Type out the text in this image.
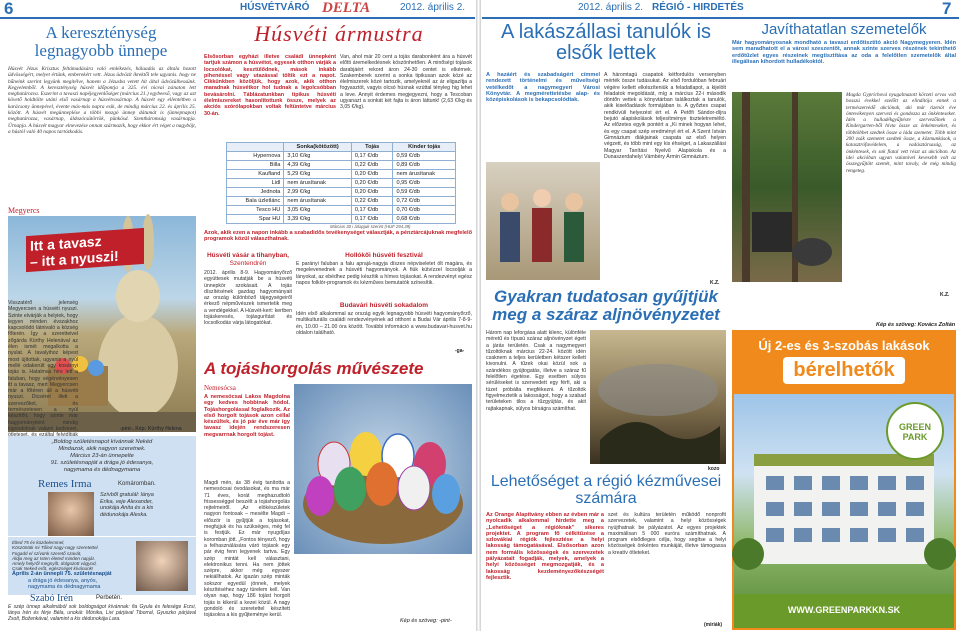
6	HÚSVÉTVÁRÓ DELTA	2012. április 2.
A kereszténység legnagyobb ünnepe
Húsvét Jézus Krisztus feltámadására való emlékezés, hálaadás az általa hozott üdvösségért, melyet értünk, emberekért vett. Jézus üdvözít ikrektől tele ugyanis. hogy ne bűneink szerint legyünk megítélve, hanem a Jézusba vetett hit által üdvözülhessünk. Kegyelemből. A kereszténység húsvét időpontja a 325. évi niceai zsinaton lett meghatározva. Eszerint a tavaszi napéjegyenlőséget (március 21.) egybeeső, vagy az azt követő holdtölte utáni első vasárnap a húsvétvasárnap. A húsvét egy ellentétben a karácsony ünnepével, évente más-más napra esik, de mindig március 22. és április 25. között. A húsvét megünneplése a többi mozgó ünnep dátumát is (ünnepnapot) meghatározza, vasárnap, áldozócsütörtök, pünkösd. Szentháromság vasárnapja. Úrnapja. A húsvét magyar elnevezése onnan származik, hogy ekkor ért véget a nagyböjt, a hústól való 40 napos tartózkodás.
Megyercs
Itt a tavasz
– itt a nyuszi!
Visszatérő jelenség Megyercsen a húsvéti nyuszi. Szinte elvárják a helyiek, hogy legyen minden évszakhoz kapcsolódó látnivaló a község főterén. Így a szeretteivel zőgárda Kürthy Helenával az élen ismét megalkotta a nyulat. A tavalyihoz képest most újítottak, ugyanis a nyúl mellé odakerült egy kosárnyi tojás is. Hatalmas híre lett a faluban, hogy végérvényesen itt a tavasz, mert Megyercsen már a főtéren áll a húsvéti nyuszi. Dicséret illeti a szervezőket, és természetesen a nyúl készítőit, hogy szinte már hagyományként mindig kigondolnak valami kedveset,	-pint-, Kép: Kürthy Helena
„Boldog születésnapot kívánnak Nekéd
Mindazok, akik nagyon szeretnek.
Március 23-án ünnepelte
91. születésnapját a drága jó édesanya,
nagymama és dédnagymama
Remes Irma	Komáromban.
Szívből gratulál: lánya Erika, veje Alexander, unokája Anita és a kis dédunokája Alexka.
Élted 75 év küzdelemmel,
Köszöntük mi Tőled nagy-nagy szeretettel.
Fogadd el szívünk szerető szavát,
Áldja meg az Isten életed minden napját.
Amely helyről megnyílt, dolgozott vágyod,
Csak Neked erőt, egészséget kívánunk!
Április 2-án ünnepli 75. születésnapját
a drága jó édesanya, anyós,
nagymama és dédnagymama
Szabó Irén	Perbetén.
E szép ünnep alkalmából sok boldogságot kívánnak: fia Gyula és felesége Erzsi, lánya Irén és férje Béla, unokái: Mónika, Livi párjával Tiborral, Gyuszko párjával Zsolt, Boženkával, valamint a kis dédunokája Lara.
Húsvéti ármustra
Elsősorban egyházi illetve családi ünnepként tartjuk számon a húsvétot, egyesek otthon várják a locsolókat, kesztülődnek, mások inkább pihenéssel vagy utazással töltik ezt a napot. Cikkünkben közöljük, hogy azok, akik otthon maradnak húsvétkor hol tudnak a legolcsóbban bevásárolni. Táblázatunkban tipikus húsvéti élelmiszereket hasonlítottunk össze, melyek az akciós szórólapokban voltak feltüntetve március 30-án.
Van, ahol már 20 cent a tojás darabonként ára a húsvét előtti áremelkedésnek köszönhetően. A minőségi tojások darabjáért rekord áron 24-30 centet is elkérnek. Szakemberek szerint a sonka tipikusan azok közé az élelmiszerek közé tartozik, amelyeknél az ár eligazítja a fogyasztót, vagyis olcsó húsnak ezúttal tényleg hig lehet a leve. Annyit érdemes megjegyezni, hogy a Tescoban ugyanazt a sonkát két fajta is áron láttunk! (2,63 €/kg és 3,05 €/kg).
	Sonka(kötözött)	Tojás	Kinder tojás
Hypernova	3,10 €/kg	0,17 €/db	0,59 €/db
Billa	4,39 €/kg	0,22 €/db	0,89 €/db
Kaufland	5,29 €/kg	0,20 €/db	nem árusítanak
Lidl	nem árusítanak	0,20 €/db	0,95 €/db
Jednota	2,99 €/kg	0,20 €/db	0,59 €/db
Bala üzletlánc	nem árusítanak	0,22 €/db	0,72 €/db
Tesco HU	3,05 €/kg	0,17 €/db	0,70 €/db
Spar HU	3,39 €/kg	0,17 €/db	0,68 €/db
Március 30 i árlapjuk szerint (HUF 294,39)
Azok, akik ezen a napon inkább a szabadidős tevékenységet választják, a pénztárcájuknak megfelelő programok közül választhatnak.
Húsvéti vásár a tihanyban,
Szentendrén
2012. április 8-9. Hagyományőrző együttesek mutatják be a húsvéti ünnepkör szokásait. A tojás díszítésének gazdag hagyományait az ország különböző tájegységeiről érkező népművészek ismertetik meg a vendégekkel. A Húsvét-kert: kertben tojáskeresés, tojásgurítást és locsolkodás várja látogatókat.
Hollókői húsvéti fesztivál
E parányi faluban a falu aprajá-nagyja díszes népviseletet ölt magára, és megelevenednek a húsvéti hagyományok. A fiúk kútvízzel locsolják a lányokat, az ebédhez pedig készítik a hímes tojásokat. A rendezvényt egész napos folklór-programok és kézműves bemutatók színesítik.
Budavári húsvéti sokadalom
Idén első alkalommal az ország egyik legnagyobb húsvéti hagyományőrző, multikulturális családi rendezvényének ad otthont a Budai Vár április 7-8-9-én, 10.00 – 21.00 óra között. További információ a www.budavari-husvet.hu oldalon található.
-ga-
A tojáshorgolás művészete
Nemesócsa
A nemesócsai Lakos Magdolna egy kedves hobbinak hódol. Tojáshorgolással foglalkozik. Az első horgolt tojások azon céllal készültek, és jó pár éve már így tavasz idején rendszeresen megvarrnak horgolt tojást.
Magdi mén, ás 38 évig tanította a nemesócsai óvodásokat, és ma már 71 éves, korát meghazudtoló frissességgel beszélt a tojáshorgolás rejtelmeiről. „Az elökészületek nagyon fontosak – mesélte Magdi – először is gyűjtjük a tojásokat, megfujjuk és ha szükséges, még fel is festjük. Ez már nyugdíjas koromban jött. „Fontos tényező, hogy a felhasználására váró tojások egy pár évig fenn legyenek tartva. Egy szép mintát kell választani, elektronikus tenni. Ha nem jöttek szépre, akkor még egyszer nekiállhatok. Az igazán szép minták sokszor egyedül jönnek, melyek készítéséhez nagy türelem kell. Van olyan nap, hogy 186 tojást horgolt tojás is kikerül a kezei közül. A nagy gondoló és szeretettel készített tojásokra a kis gyűjteménye kerül.
Kép és szöveg: -pint-
2012. április 2. RÉGIÓ - HIRDETÉS	7
A lakászállasi tanulók is elsők lettek
A hazáért és szabadságért címmel rendezett történelmi és műveltségi vetélkedőt a nagymegyeri Városi Könyvtár. A megmérettetésbe alap- és középiskolások is bekapcsolódtak.
A háromtagú csapatok kétfordulós versenyben mérték össze tudásukat. Az első fordulóban februári végére kellett elkészíteniük a feladatlapot, a kijelölt feladatok megoldását, míg a március 22-i második döntőn vettek a könyvtárban találkoztak a tanulók, akik kiselőadások formájában is. A győztes csapat rendkívüli helyezést ért el. A Petőfi Sándor-díjra bejutó alapiskolások teljesítménye tiszteletreméltó. Az előzetes egyik pontért a „Ki minek hogyan lehet, és egy csapat szép eredményt ért el. A Szent István Gimnázium diákjainak csapata az első helyen végzett, és több mint egy kis éhséget, a Lakaszállási Magyar Tanítási Nyelvű Alapiskola és a Dunaszerdahelyi Vámbéry Ármin Gimnázium.
K.Z.
Javíthatatlan szemetelők
Már hagyományosnak mondható a tavaszi erdőtisztító akció Nagymegyeren. Idén sem maradhatott el a városi szeszentőt, annak szinte szerves részének tekinthető erdőtűzlet egyes részeinek megtisztítása az oda a felelőtlen szemetelők által illegálisan kihordott hulladékoktól.
Magda Gyprichová nyugalmazott körzeti orvos volt hosszú évekkel ezelőtt az elindítója ennek a természetvédő akciónak, aki már tizenöt éve öntevékenyen szervezi és gondozza az önkénteseket. Idén a hulladékgyűjtésre szervezőinek a Kindergarten-ből hívta össze az önkénteseket, és többtöbbet szedtek össze a láda szemetet. Több mint 200 zsák szemetet szedtek össze, a közmunkások, a katasztrófavédelem, a vadásztársaság, az önkéntesek, és sok fiatal vett részt az akcióban. Az idei akcióban ugyan valamivel kevesebb volt az összegyűjtött szemét, mint tavaly, de még mindig rengeteg.
K.Z.
Kép és szöveg: Kovács Zoltán
Gyakran tudatosan gyűjtjük meg a száraz aljnövényzetet
Három nap leforgása alatt kilenc, különféle méretű és típusú száraz aljnövényzet égett a járás területén. Csak a nagymegyeri tűzoltóknak március 22-24. között idén csaknem a teljes kerületben kétszer kellett kivonulni. A tűzek okai közül sok a szándékos gyújtogatás, illetve a száraz fű felelőtlen égetése. Egy esetben súlyos sérüléseket is szenvedett egy férfi, aki a tüzet próbálta megfékezni. A tűzoltók figyelmeztetik a lakosságot, hogy a szabad területeken tilos a tűzgyújtás, és akit rajtakapnak, súlyos bírságra számíthat.
kozo
Lehetőséget a régió kézművesei számára
Az Orange Alapítvány ebben az évben már a nyolcadik alkalommal hirdette meg a „Lehetőséget a régióknak” sikeres projektet. A program fő célkitűzése a szlovákiai régiók fejlesztése a helyi lakosság támogatásával. Elsősorban azon nem formális közösségek és szervezetek pályázatait fogadják, melyek, amelyek a helyi közösséget megmozgatják, és a lakosság kezdeményezőkészségét fejlesztik.
szet és kultúra területén működő nonprofit szervezetek, valamint a helyi közösségek nyújthatnak be pályázatot. Az egyes projektek maximálisan 5 000 euróra számíthatnak. A program elsődleges célja, hogy segítse a helyi közösségek önkéntes munkáját, illetve támogassa a kreatív ötleteket.
(miriák)
Új 2-es és 3-szobás lakások
bérelhetők
GREEN PARK
WWW.GREENPARKKN.SK
